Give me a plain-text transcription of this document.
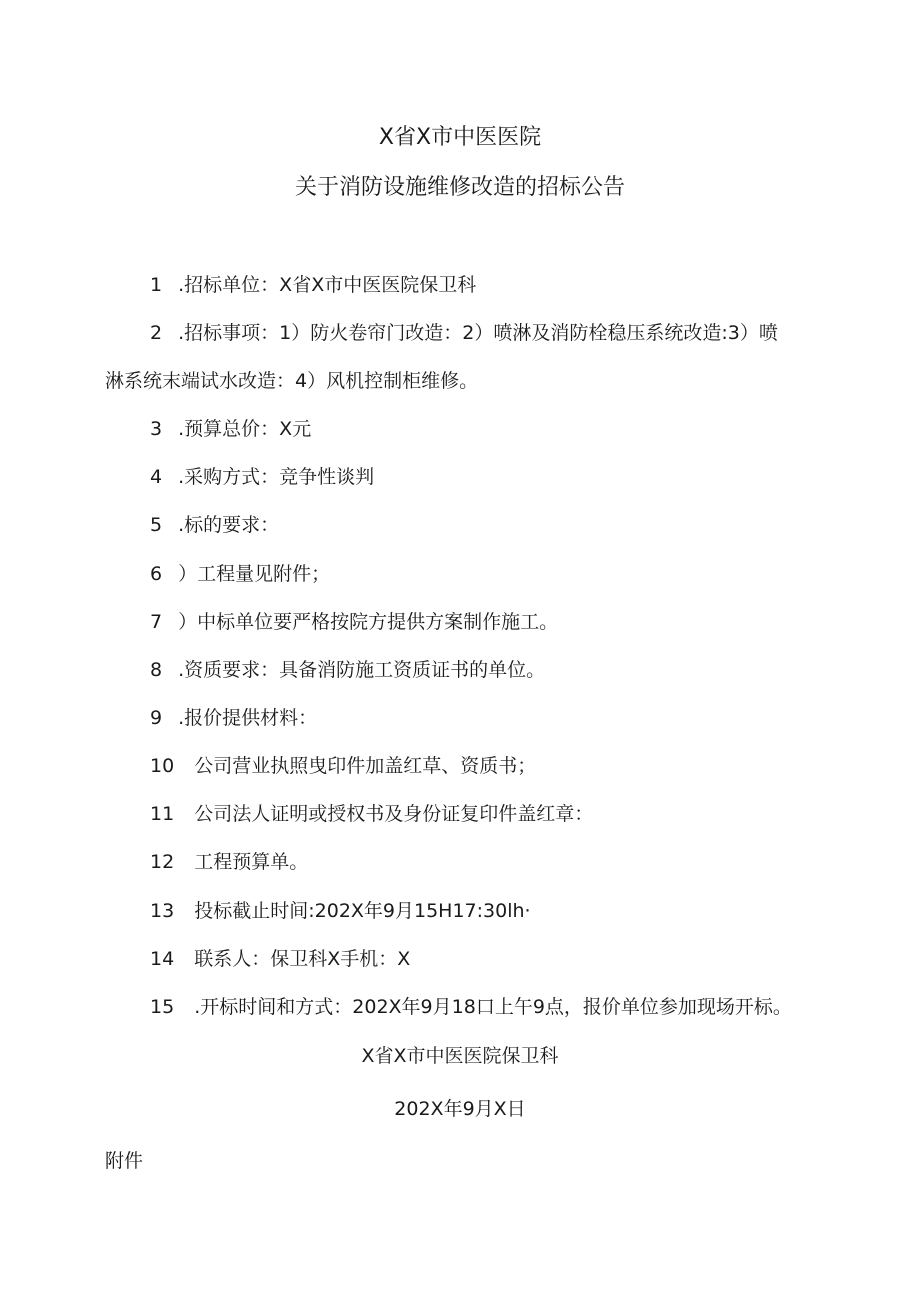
X省X市中医医院
关于消防设施维修改造的招标公告
1 .招标单位：X省X市中医医院保卫科
2 .招标事项：1）防火卷帘门改造：2）喷淋及消防栓稳压系统改造:3）喷
淋系统末端试水改造：4）风机控制柜维修。
3 .预算总价：X元
4 .采购方式：竞争性谈判
5 .标的要求：
6 ）工程量见附件；
7 ）中标单位要严格按院方提供方案制作施工。
8 .资质要求：具备消防施工资质证书的单位。
9 .报价提供材料：
10 公司营业执照曳印件加盖红草、资质书；
11 公司法人证明或授权书及身份证复印件盖红章：
12 工程预算单。
13 投标截止时间:202X年9月15H17:30lh·
14 联系人：保卫科X手机：X
15 .开标时间和方式：202X年9月18口上午9点，报价单位参加现场开标。
X省X市中医医院保卫科
202X年9月X日
附件
